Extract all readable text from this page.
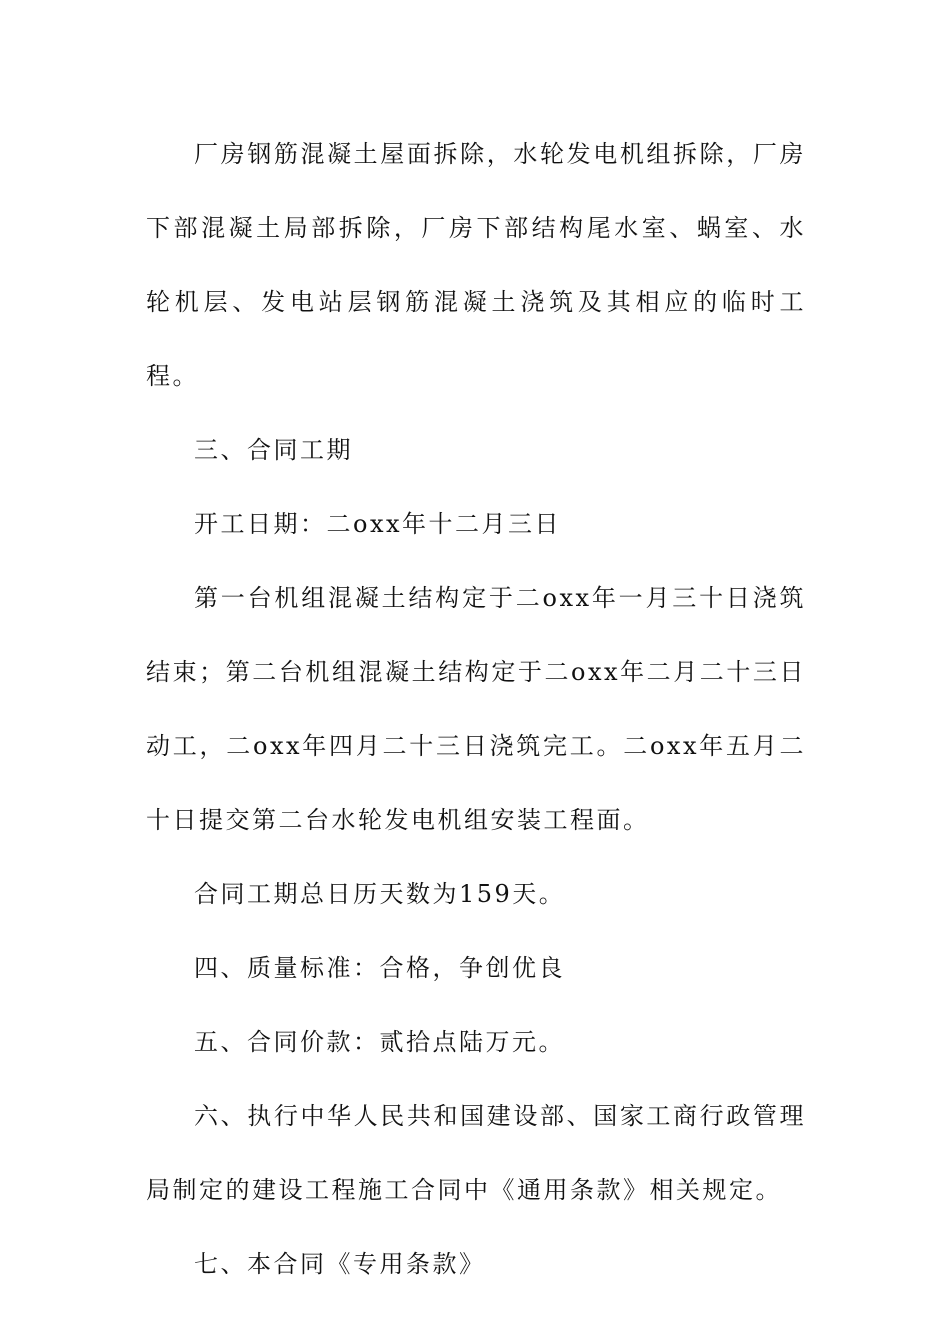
厂房钢筋混凝土屋面拆除，水轮发电机组拆除，厂房下部混凝土局部拆除，厂房下部结构尾水室、蜗室、水轮机层、发电站层钢筋混凝土浇筑及其相应的临时工程。

三、合同工期

开工日期：二oxx年十二月三日

第一台机组混凝土结构定于二oxx年一月三十日浇筑结束；第二台机组混凝土结构定于二oxx年二月二十三日动工，二oxx年四月二十三日浇筑完工。二oxx年五月二十日提交第二台水轮发电机组安装工程面。

合同工期总日历天数为159天。

四、质量标准：合格，争创优良

五、合同价款：贰拾点陆万元。

六、执行中华人民共和国建设部、国家工商行政管理局制定的建设工程施工合同中《通用条款》相关规定。

七、本合同《专用条款》
